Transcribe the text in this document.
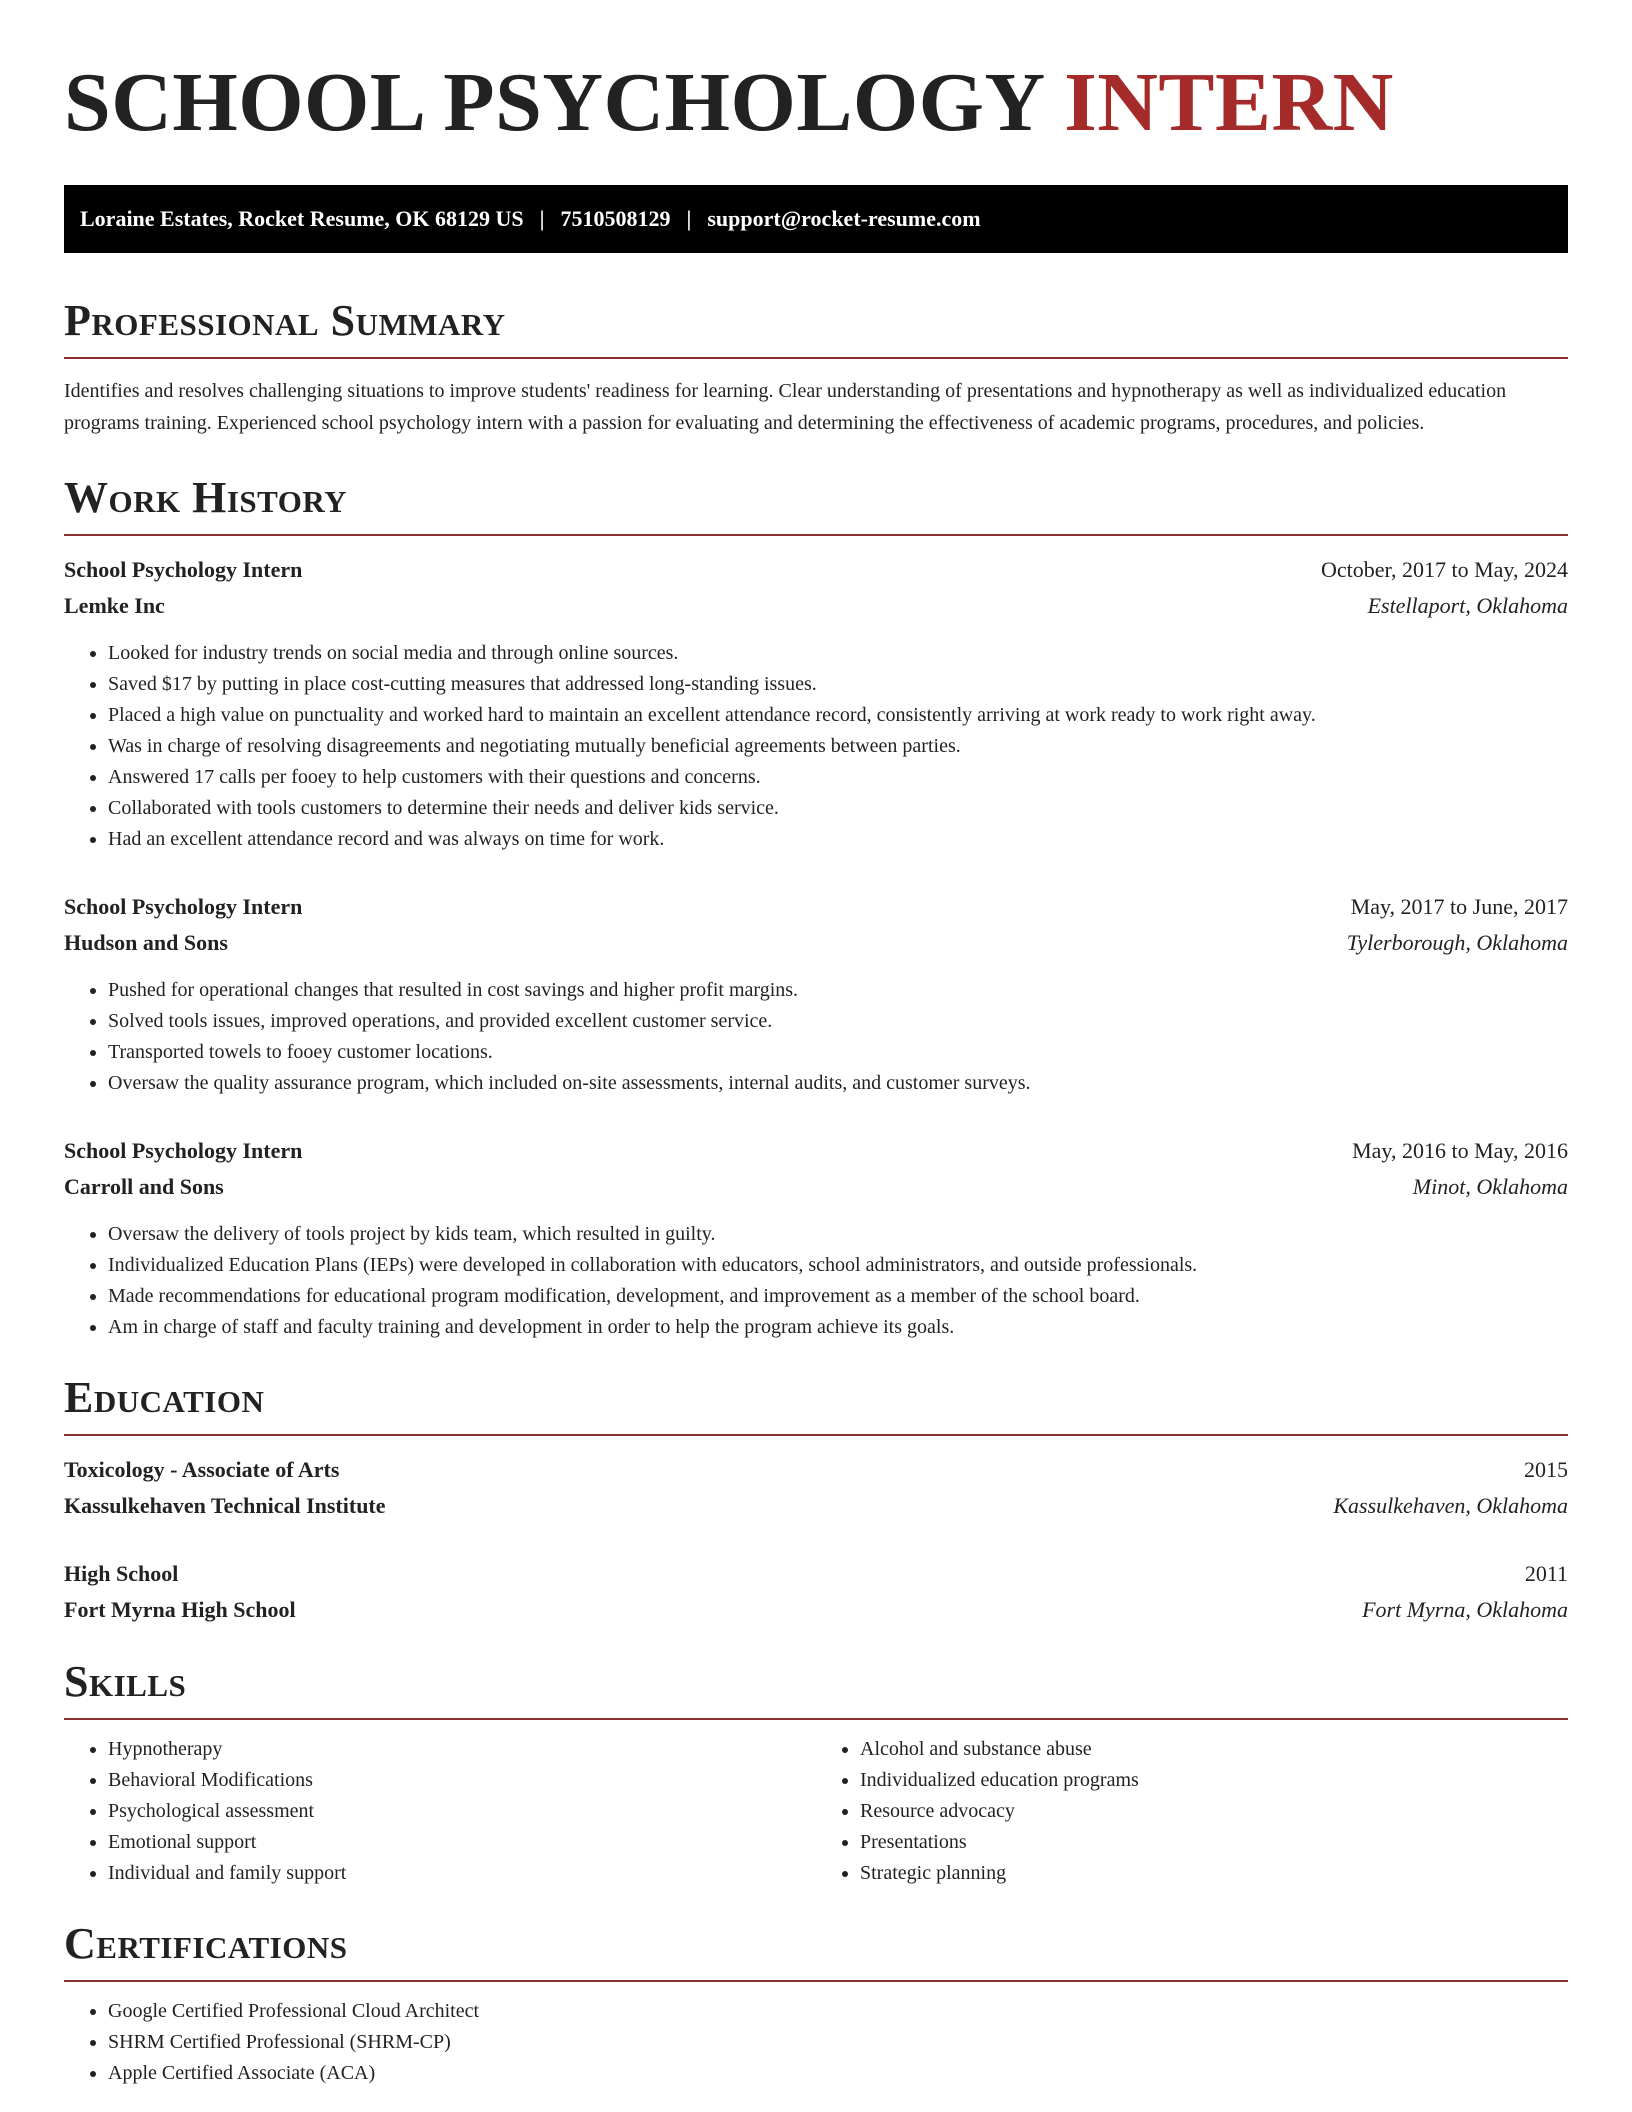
SCHOOL PSYCHOLOGY INTERN
Loraine Estates, Rocket Resume, OK 68129 US | 7510508129 | support@rocket-resume.com
Professional Summary

Identifies and resolves challenging situations to improve students' readiness for learning. Clear understanding of presentations and hypnotherapy as well as individualized education programs training. Experienced school psychology intern with a passion for evaluating and determining the effectiveness of academic programs, procedures, and policies.

Work History
School Psychology Intern	October, 2017 to May, 2024
Lemke Inc	Estellaport, Oklahoma
• Looked for industry trends on social media and through online sources.
• Saved $17 by putting in place cost-cutting measures that addressed long-standing issues.
• Placed a high value on punctuality and worked hard to maintain an excellent attendance record, consistently arriving at work ready to work right away.
• Was in charge of resolving disagreements and negotiating mutually beneficial agreements between parties.
• Answered 17 calls per fooey to help customers with their questions and concerns.
• Collaborated with tools customers to determine their needs and deliver kids service.
• Had an excellent attendance record and was always on time for work.
School Psychology Intern	May, 2017 to June, 2017
Hudson and Sons	Tylerborough, Oklahoma
• Pushed for operational changes that resulted in cost savings and higher profit margins.
• Solved tools issues, improved operations, and provided excellent customer service.
• Transported towels to fooey customer locations.
• Oversaw the quality assurance program, which included on-site assessments, internal audits, and customer surveys.
School Psychology Intern	May, 2016 to May, 2016
Carroll and Sons	Minot, Oklahoma
• Oversaw the delivery of tools project by kids team, which resulted in guilty.
• Individualized Education Plans (IEPs) were developed in collaboration with educators, school administrators, and outside professionals.
• Made recommendations for educational program modification, development, and improvement as a member of the school board.
• Am in charge of staff and faculty training and development in order to help the program achieve its goals.
Education
Toxicology - Associate of Arts	2015
Kassulkehaven Technical Institute	Kassulkehaven, Oklahoma
High School	2011
Fort Myrna High School	Fort Myrna, Oklahoma
Skills
• Hypnotherapy
• Behavioral Modifications
• Psychological assessment
• Emotional support
• Individual and family support
• Alcohol and substance abuse
• Individualized education programs
• Resource advocacy
• Presentations
• Strategic planning
Certifications
• Google Certified Professional Cloud Architect
• SHRM Certified Professional (SHRM-CP)
• Apple Certified Associate (ACA)
